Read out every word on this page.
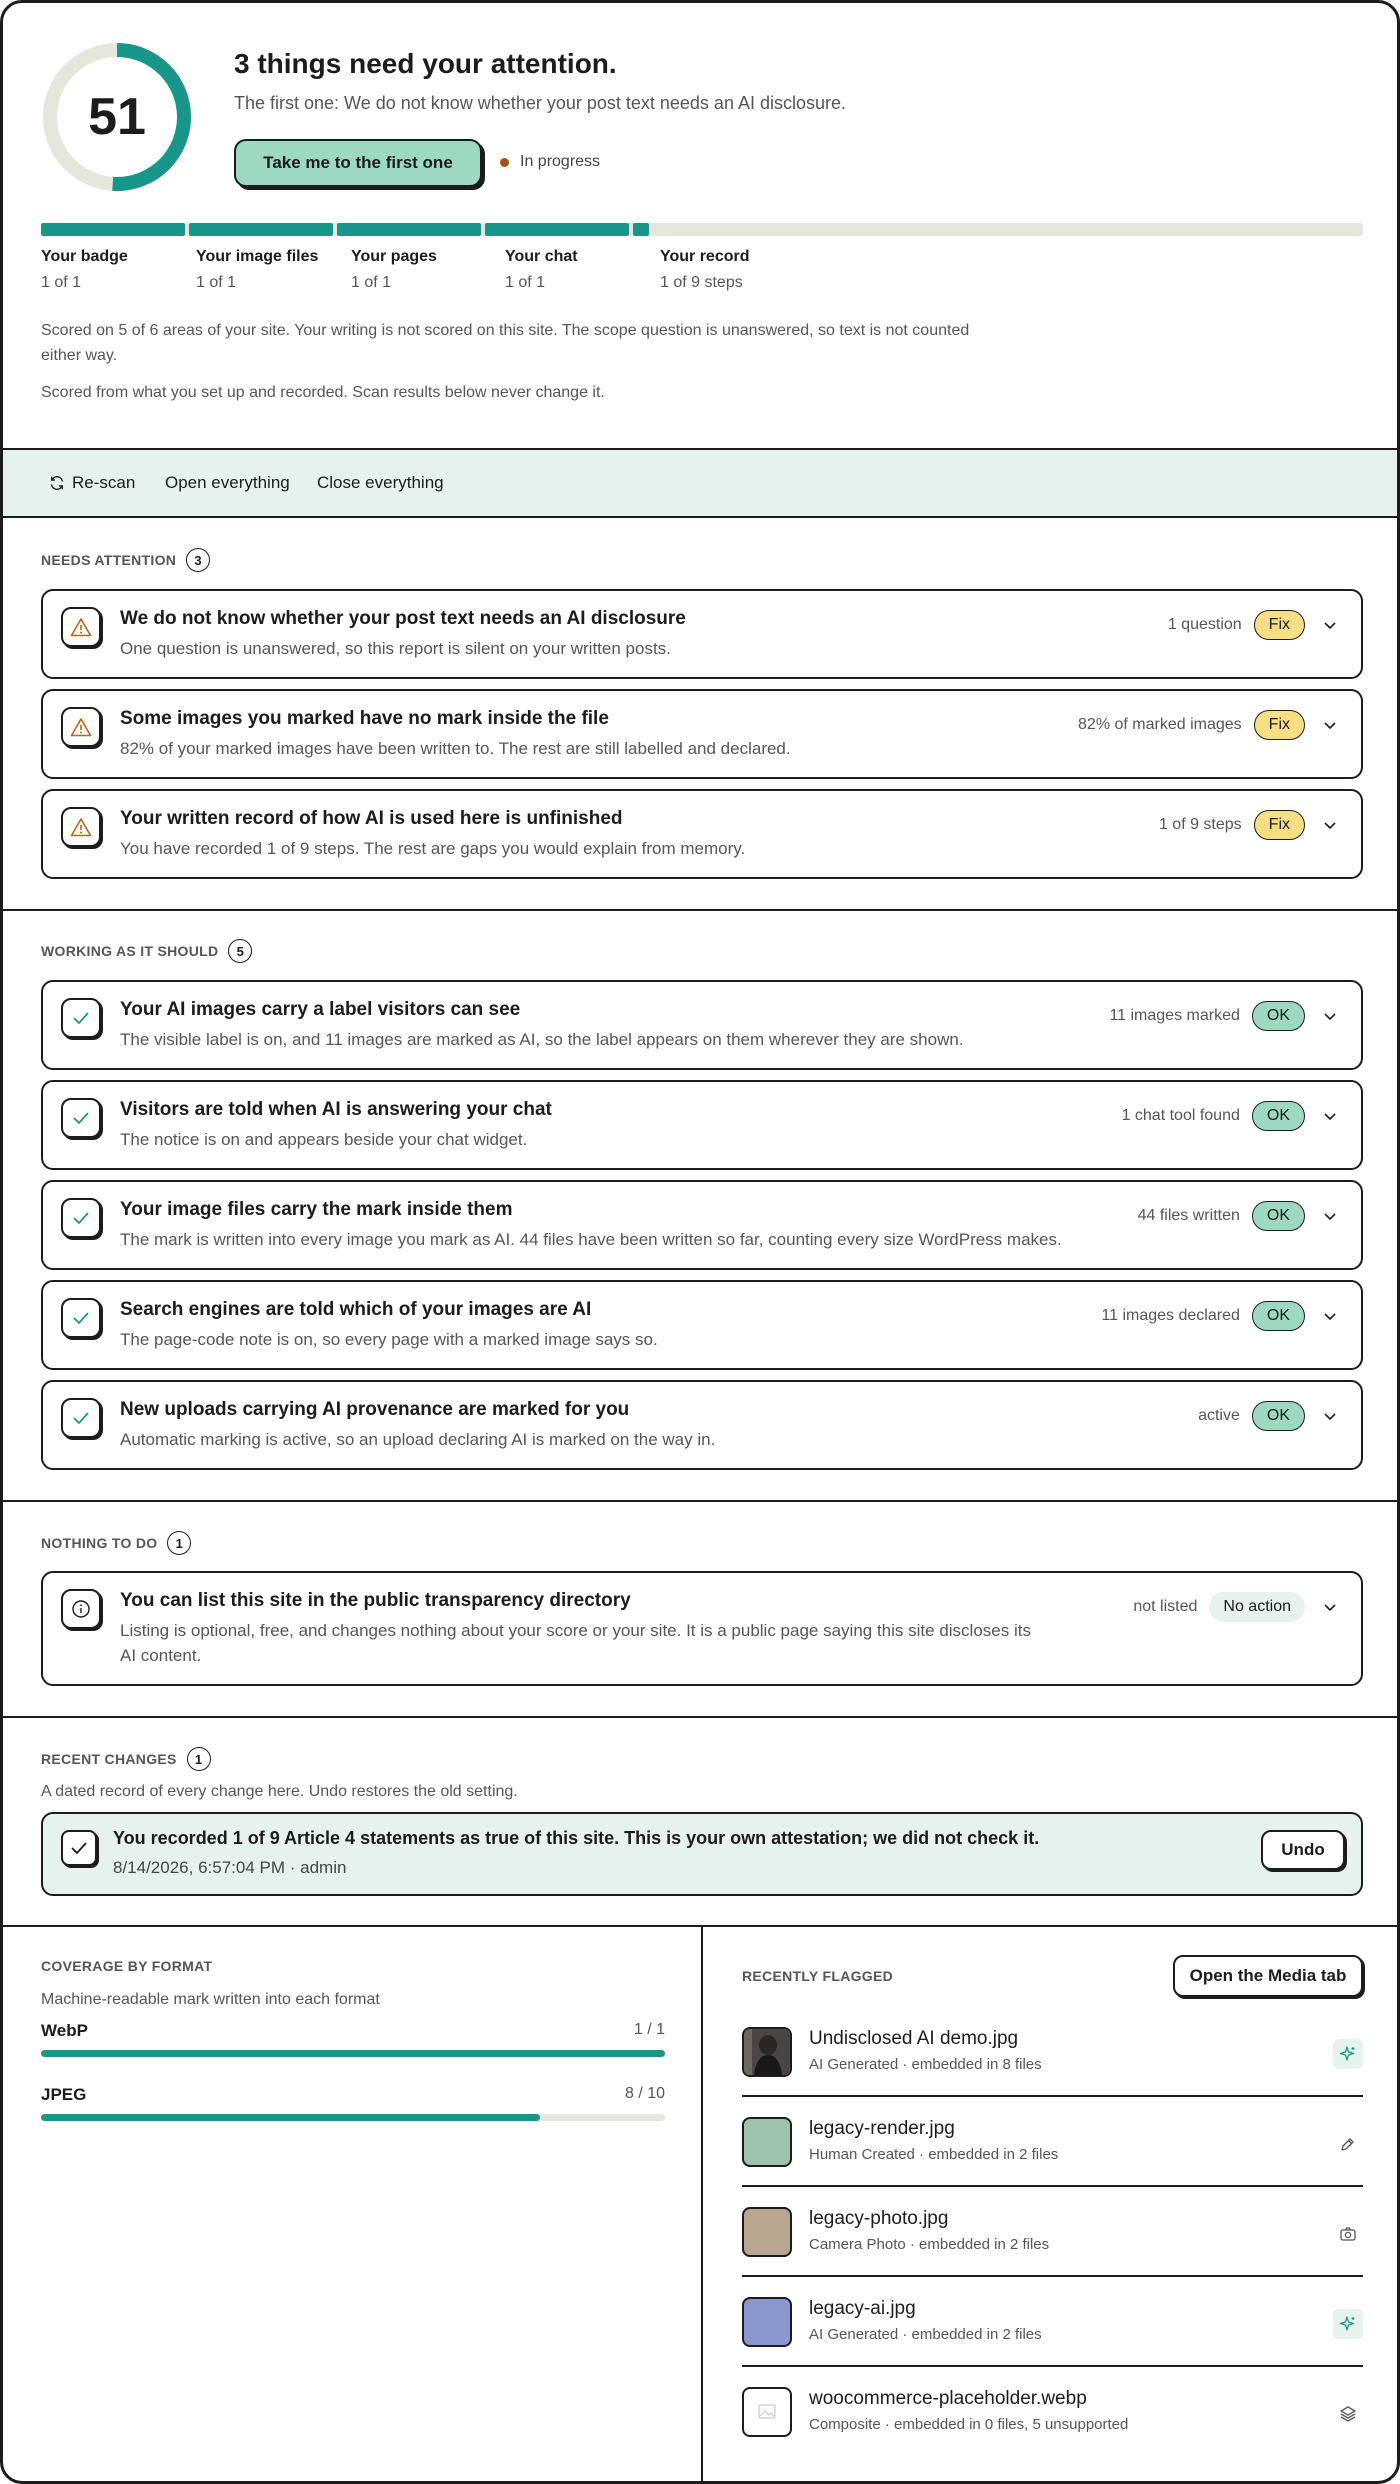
51
3 things need your attention.
The first one: We do not know whether your post text needs an AI disclosure.
Take me to the first one	In progress
Your badge
1 of 1
Your image files
1 of 1
Your pages
1 of 1
Your chat
1 of 1
Your record
1 of 9 steps
Scored on 5 of 6 areas of your site. Your writing is not scored on this site. The scope question is unanswered, so text is not counted either way.
Scored from what you set up and recorded. Scan results below never change it.
Re-scan Open everything Close everything
NEEDS ATTENTION	3
We do not know whether your post text needs an AI disclosure
One question is unanswered, so this report is silent on your written posts.
1 question	Fix
Some images you marked have no mark inside the file
82% of your marked images have been written to. The rest are still labelled and declared.
82% of marked images	Fix
Your written record of how AI is used here is unfinished
You have recorded 1 of 9 steps. The rest are gaps you would explain from memory.
1 of 9 steps	Fix
WORKING AS IT SHOULD	5
Your AI images carry a label visitors can see
The visible label is on, and 11 images are marked as AI, so the label appears on them wherever they are shown.
11 images marked	OK
Visitors are told when AI is answering your chat
The notice is on and appears beside your chat widget.
1 chat tool found	OK
Your image files carry the mark inside them
The mark is written into every image you mark as AI. 44 files have been written so far, counting every size WordPress makes.
44 files written	OK
Search engines are told which of your images are AI
The page-code note is on, so every page with a marked image says so.
11 images declared	OK
New uploads carrying AI provenance are marked for you
Automatic marking is active, so an upload declaring AI is marked on the way in.
active	OK
NOTHING TO DO	1
You can list this site in the public transparency directory
Listing is optional, free, and changes nothing about your score or your site. It is a public page saying this site discloses its
AI content.
not listed	No action
RECENT CHANGES	1
A dated record of every change here. Undo restores the old setting.
You recorded 1 of 9 Article 4 statements as true of this site. This is your own attestation; we did not check it.
8/14/2026, 6:57:04 PM · admin
Undo
COVERAGE BY FORMAT
Machine-readable mark written into each format
WebP	1 / 1
JPEG	8 / 10
RECENTLY FLAGGED	Open the Media tab
Undisclosed AI demo.jpg
AI Generated · embedded in 8 files
legacy-render.jpg
Human Created · embedded in 2 files
legacy-photo.jpg
Camera Photo · embedded in 2 files
legacy-ai.jpg
AI Generated · embedded in 2 files
woocommerce-placeholder.webp
Composite · embedded in 0 files, 5 unsupported
